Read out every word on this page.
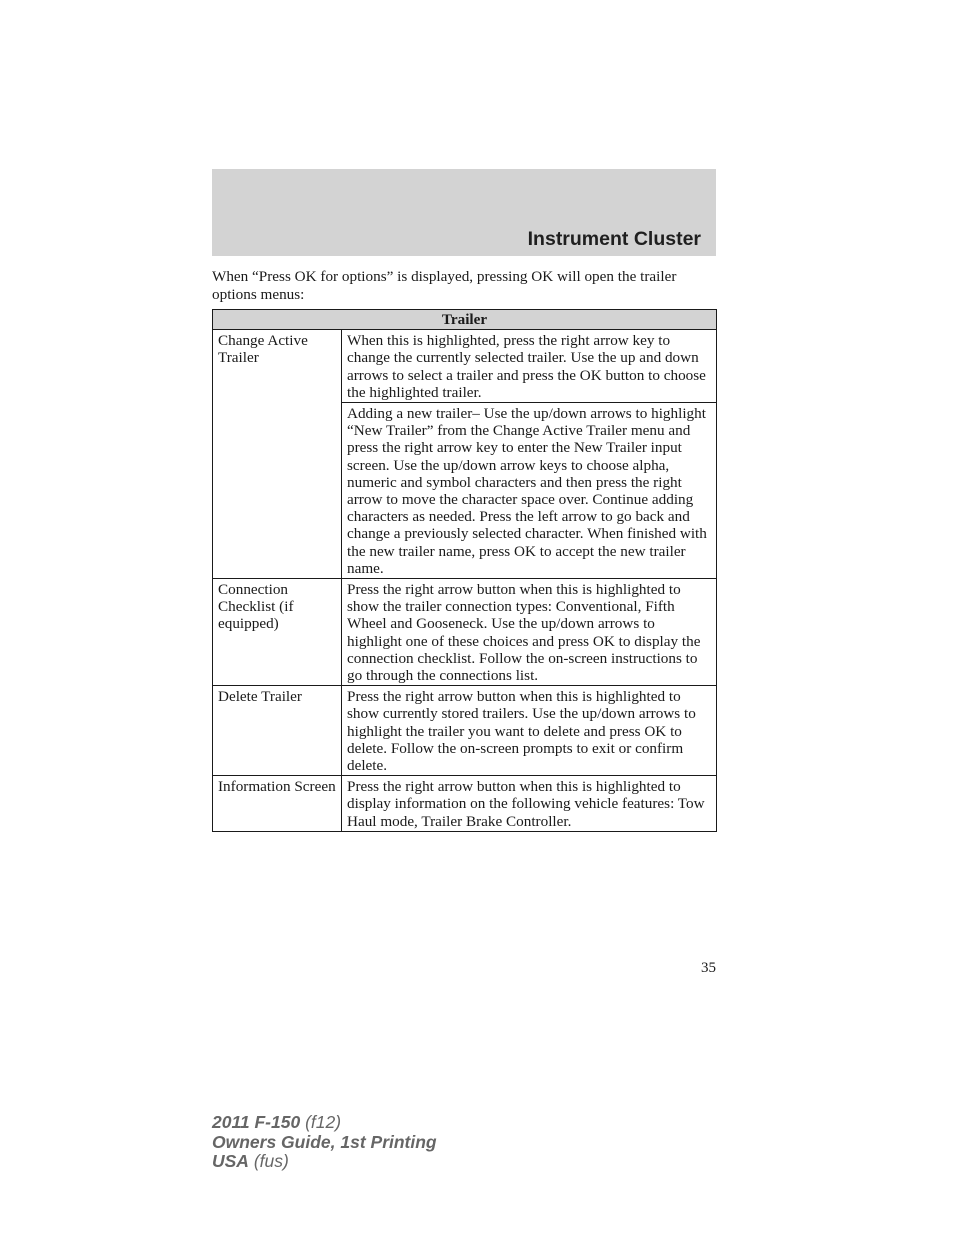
Instrument Cluster

When “Press OK for options” is displayed, pressing OK will open the trailer options menus:

Trailer	
Change Active Trailer	When this is highlighted, press the right arrow key to change the currently selected trailer. Use the up and down arrows to select a trailer and press the OK button to choose the highlighted trailer.
	Adding a new trailer– Use the up/down arrows to highlight “New Trailer” from the Change Active Trailer menu and press the right arrow key to enter the New Trailer input screen. Use the up/down arrow keys to choose alpha, numeric and symbol characters and then press the right arrow to move the character space over. Continue adding characters as needed. Press the left arrow to go back and change a previously selected character. When finished with the new trailer name, press OK to accept the new trailer name.
Connection Checklist (if equipped)	Press the right arrow button when this is highlighted to show the trailer connection types: Conventional, Fifth Wheel and Gooseneck. Use the up/down arrows to highlight one of these choices and press OK to display the connection checklist. Follow the on-screen instructions to go through the connections list.
Delete Trailer	Press the right arrow button when this is highlighted to show currently stored trailers. Use the up/down arrows to highlight the trailer you want to delete and press OK to delete. Follow the on-screen prompts to exit or confirm delete.
Information Screen	Press the right arrow button when this is highlighted to display information on the following vehicle features: Tow Haul mode, Trailer Brake Controller.
35
2011 F-150 (f12)
Owners Guide, 1st Printing
USA (fus)
